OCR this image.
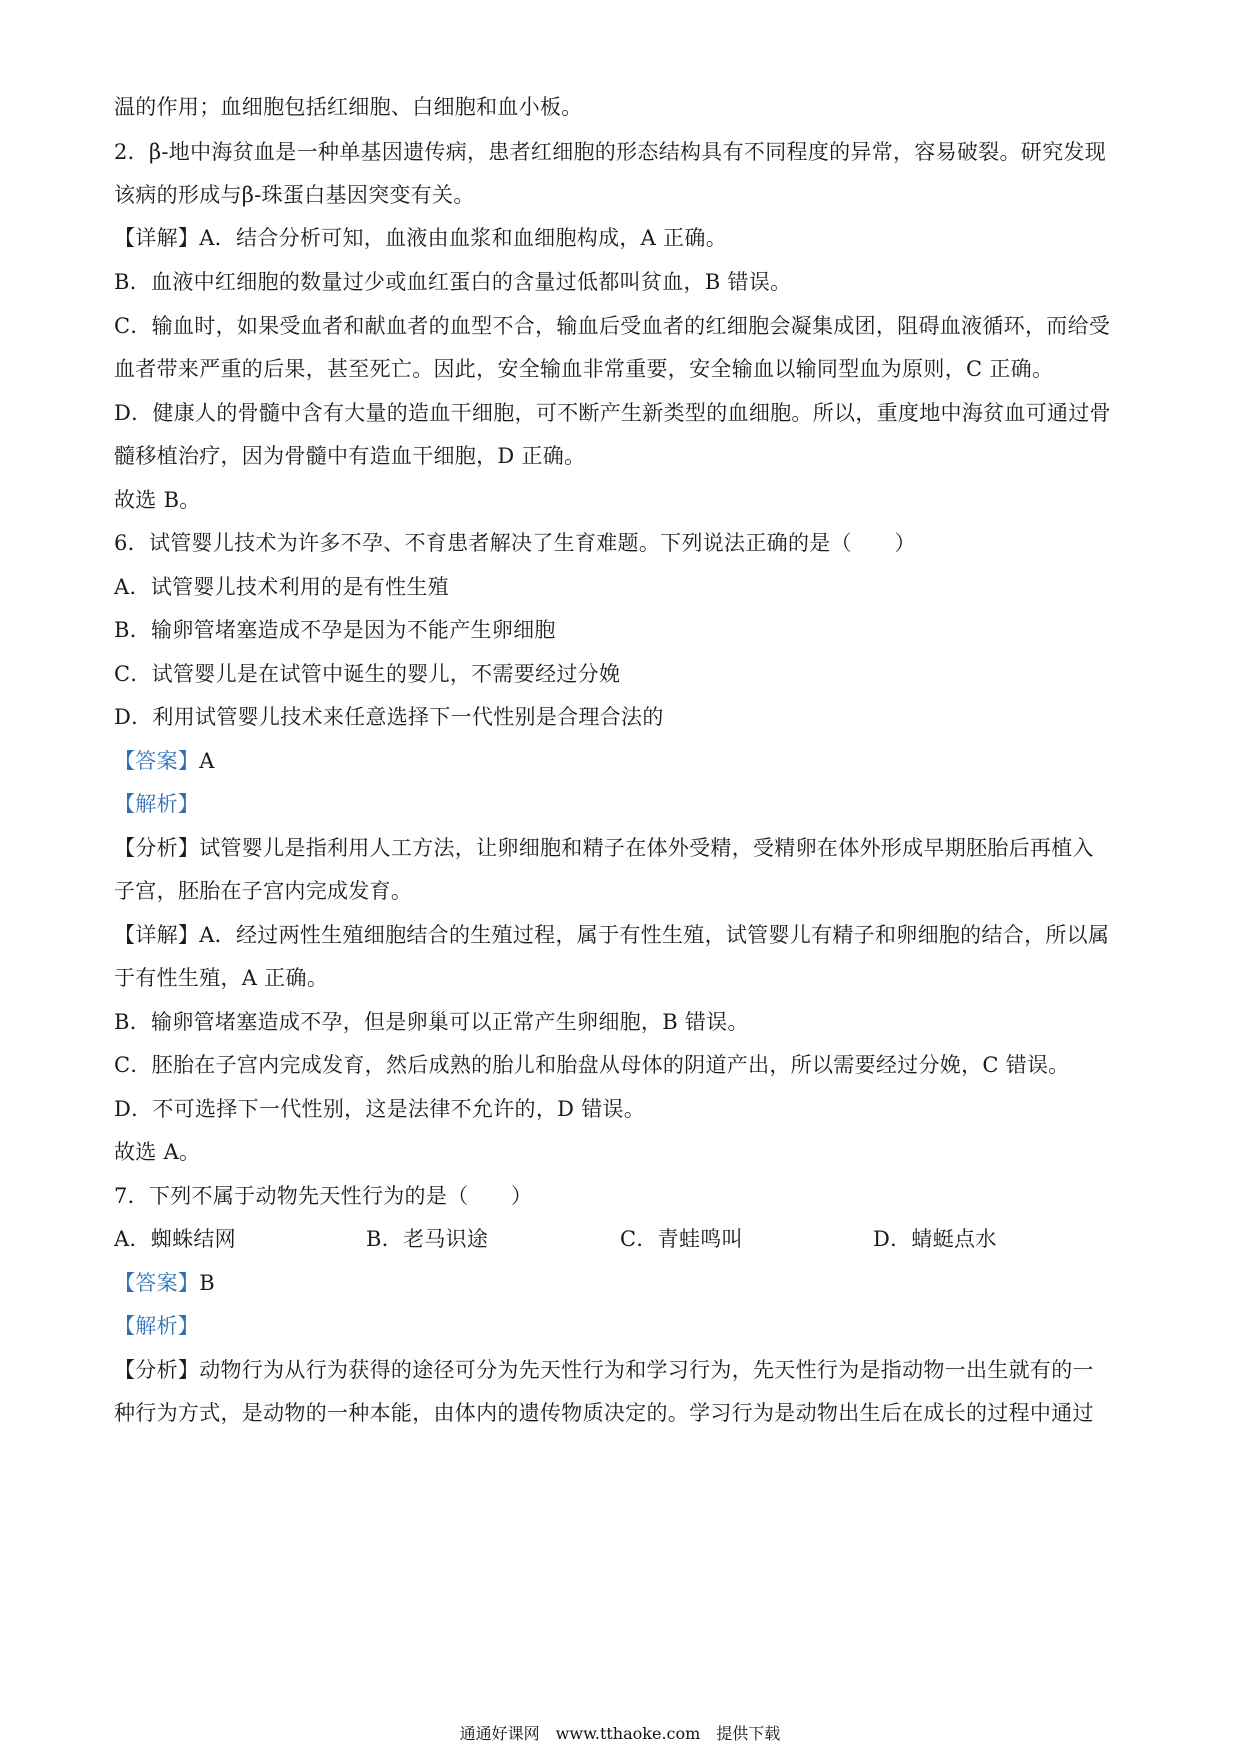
温的作用；血细胞包括红细胞、白细胞和血小板。
2．β-地中海贫血是一种单基因遗传病，患者红细胞的形态结构具有不同程度的异常，容易破裂。研究发现
该病的形成与β-珠蛋白基因突变有关。
【详解】A．结合分析可知，血液由血浆和血细胞构成，A 正确。
B．血液中红细胞的数量过少或血红蛋白的含量过低都叫贫血，B 错误。
C．输血时，如果受血者和献血者的血型不合，输血后受血者的红细胞会凝集成团，阻碍血液循环，而给受
血者带来严重的后果，甚至死亡。因此，安全输血非常重要，安全输血以输同型血为原则，C 正确。
D．健康人的骨髓中含有大量的造血干细胞，可不断产生新类型的血细胞。所以，重度地中海贫血可通过骨
髓移植治疗，因为骨髓中有造血干细胞，D 正确。
故选 B。
6．试管婴儿技术为许多不孕、不育患者解决了生育难题。下列说法正确的是（　　）
A．试管婴儿技术利用的是有性生殖
B．输卵管堵塞造成不孕是因为不能产生卵细胞
C．试管婴儿是在试管中诞生的婴儿，不需要经过分娩
D．利用试管婴儿技术来任意选择下一代性别是合理合法的
【答案】A
【解析】
【分析】试管婴儿是指利用人工方法，让卵细胞和精子在体外受精，受精卵在体外形成早期胚胎后再植入
子宫，胚胎在子宫内完成发育。
【详解】A．经过两性生殖细胞结合的生殖过程，属于有性生殖，试管婴儿有精子和卵细胞的结合，所以属
于有性生殖，A 正确。
B．输卵管堵塞造成不孕，但是卵巢可以正常产生卵细胞，B 错误。
C．胚胎在子宫内完成发育，然后成熟的胎儿和胎盘从母体的阴道产出，所以需要经过分娩，C 错误。
D．不可选择下一代性别，这是法律不允许的，D 错误。
故选 A。
7．下列不属于动物先天性行为的是（　　）
A．蜘蛛结网	B．老马识途	C．青蛙鸣叫	D．蜻蜓点水
【答案】B
【解析】
【分析】动物行为从行为获得的途径可分为先天性行为和学习行为，先天性行为是指动物一出生就有的一
种行为方式，是动物的一种本能，由体内的遗传物质决定的。学习行为是动物出生后在成长的过程中通过
通通好课网　www.tthaoke.com　提供下载
